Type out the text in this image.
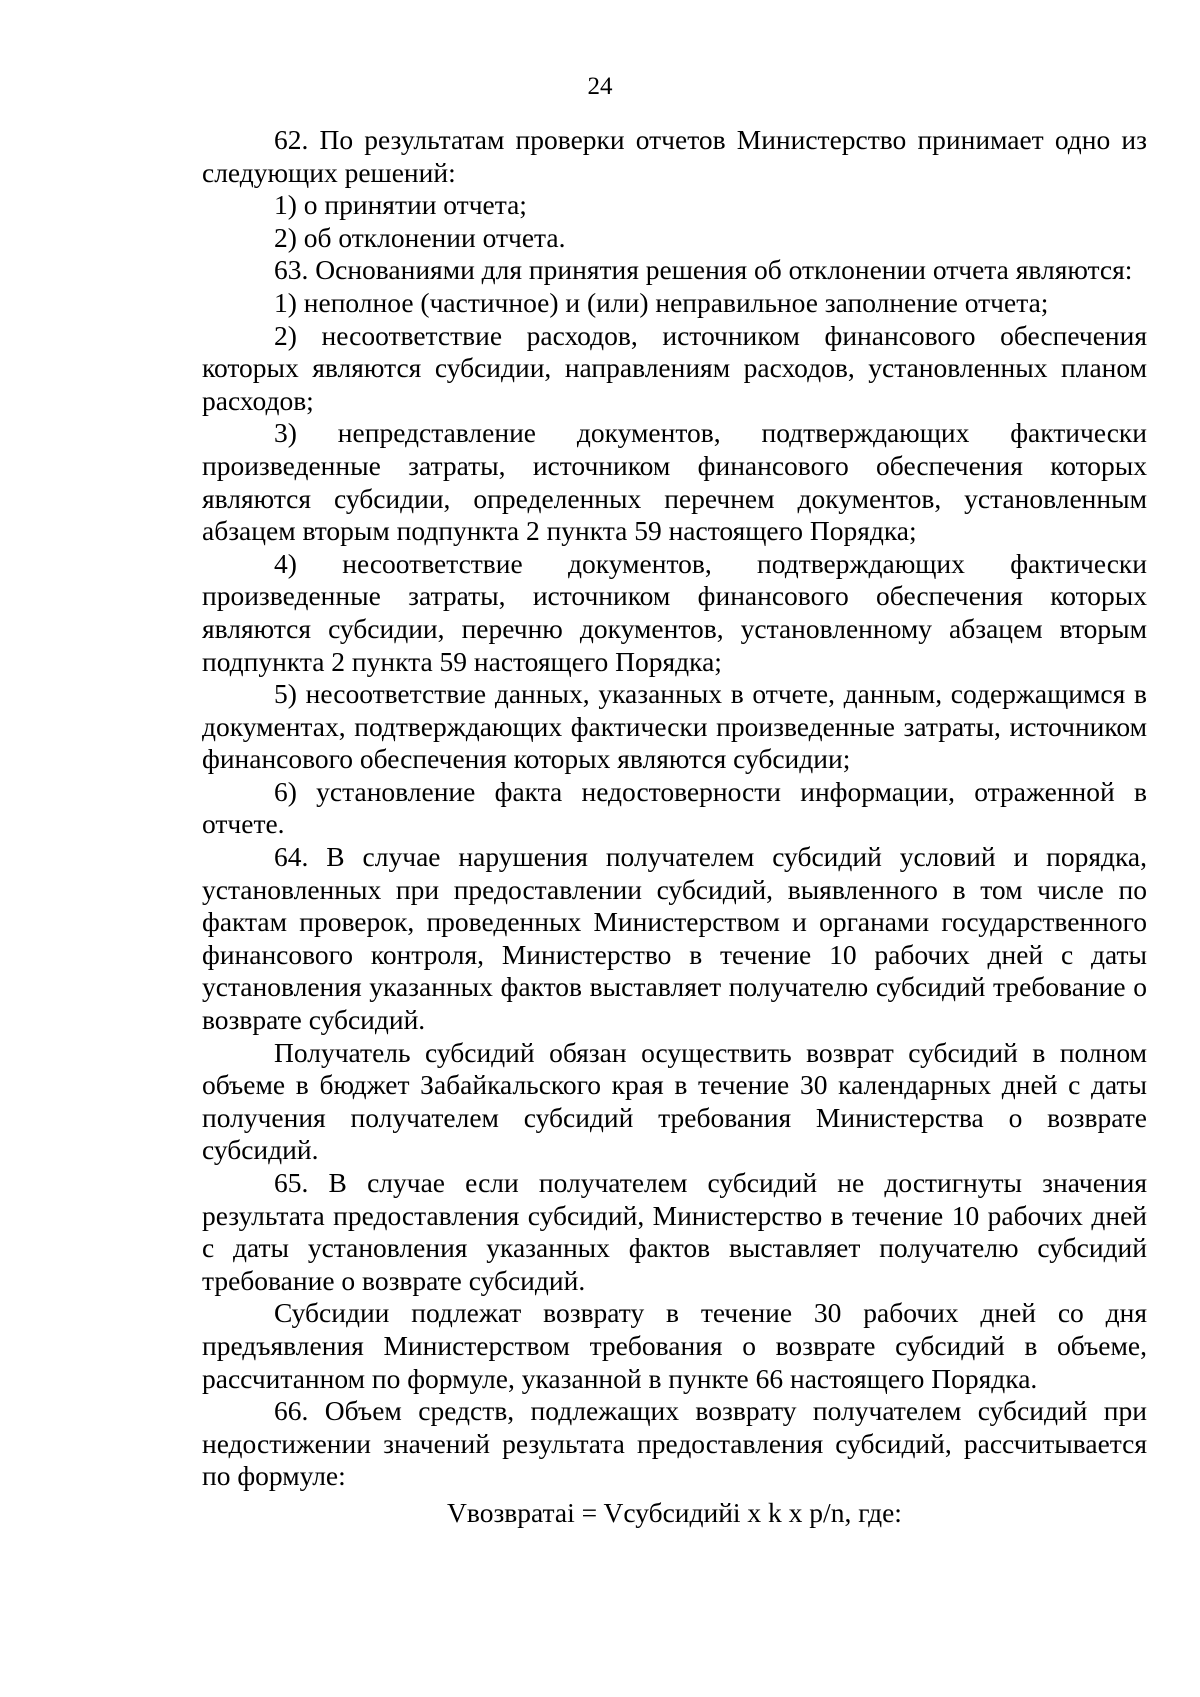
24

62. По результатам проверки отчетов Министерство принимает одно из следующих решений:

1) о принятии отчета;

2) об отклонении отчета.

63. Основаниями для принятия решения об отклонении отчета являются:

1) неполное (частичное) и (или) неправильное заполнение отчета;

2) несоответствие расходов, источником финансового обеспечения которых являются субсидии, направлениям расходов, установленных планом расходов;

3) непредставление документов, подтверждающих фактически произведенные затраты, источником финансового обеспечения которых являются субсидии, определенных перечнем документов, установленным абзацем вторым подпункта 2 пункта 59 настоящего Порядка;

4) несоответствие документов, подтверждающих фактически произведенные затраты, источником финансового обеспечения которых являются субсидии, перечню документов, установленному абзацем вторым подпункта 2 пункта 59 настоящего Порядка;

5) несоответствие данных, указанных в отчете, данным, содержащимся в документах, подтверждающих фактически произведенные затраты, источником финансового обеспечения которых являются субсидии;

6) установление факта недостоверности информации, отраженной в отчете.

64. В случае нарушения получателем субсидий условий и порядка, установленных при предоставлении субсидий, выявленного в том числе по фактам проверок, проведенных Министерством и органами государственного финансового контроля, Министерство в течение 10 рабочих дней с даты установления указанных фактов выставляет получателю субсидий требование о возврате субсидий.

Получатель субсидий обязан осуществить возврат субсидий в полном объеме в бюджет Забайкальского края в течение 30 календарных дней с даты получения получателем субсидий требования Министерства о возврате субсидий.

65. В случае если получателем субсидий не достигнуты значения результата предоставления субсидий, Министерство в течение 10 рабочих дней с даты установления указанных фактов выставляет получателю субсидий требование о возврате субсидий.

Субсидии подлежат возврату в течение 30 рабочих дней со дня предъявления Министерством требования о возврате субсидий в объеме, рассчитанном по формуле, указанной в пункте 66 настоящего Порядка.

66. Объем средств, подлежащих возврату получателем субсидий при недостижении значений результата предоставления субсидий, рассчитывается по формуле:

Vвозвратаi = Vсубсидийi x k x p/n, где:
